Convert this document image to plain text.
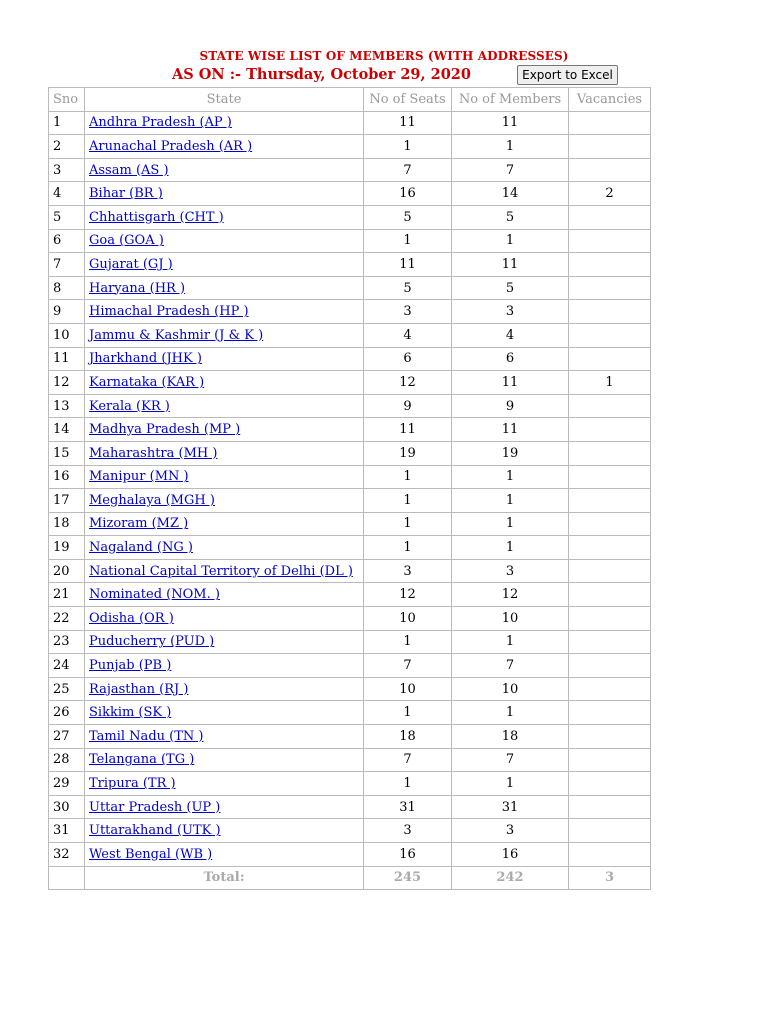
STATE WISE LIST OF MEMBERS (WITH ADDRESSES)
AS ON :- Thursday, October 29, 2020	Export to Excel
Sno	State	No of Seats	No of Members	Vacancies
1	Andhra Pradesh (AP )	11	11	
2	Arunachal Pradesh (AR )	1	1	
3	Assam (AS )	7	7	
4	Bihar (BR )	16	14	2
5	Chhattisgarh (CHT )	5	5	
6	Goa (GOA )	1	1	
7	Gujarat (GJ )	11	11	
8	Haryana (HR )	5	5	
9	Himachal Pradesh (HP )	3	3	
10	Jammu & Kashmir (J & K )	4	4	
11	Jharkhand (JHK )	6	6	
12	Karnataka (KAR )	12	11	1
13	Kerala (KR )	9	9	
14	Madhya Pradesh (MP )	11	11	
15	Maharashtra (MH )	19	19	
16	Manipur (MN )	1	1	
17	Meghalaya (MGH )	1	1	
18	Mizoram (MZ )	1	1	
19	Nagaland (NG )	1	1	
20	National Capital Territory of Delhi (DL )	3	3	
21	Nominated (NOM. )	12	12	
22	Odisha (OR )	10	10	
23	Puducherry (PUD )	1	1	
24	Punjab (PB )	7	7	
25	Rajasthan (RJ )	10	10	
26	Sikkim (SK )	1	1	
27	Tamil Nadu (TN )	18	18	
28	Telangana (TG )	7	7	
29	Tripura (TR )	1	1	
30	Uttar Pradesh (UP )	31	31	
31	Uttarakhand (UTK )	3	3	
32	West Bengal (WB )	16	16	
	Total:	245	242	3
